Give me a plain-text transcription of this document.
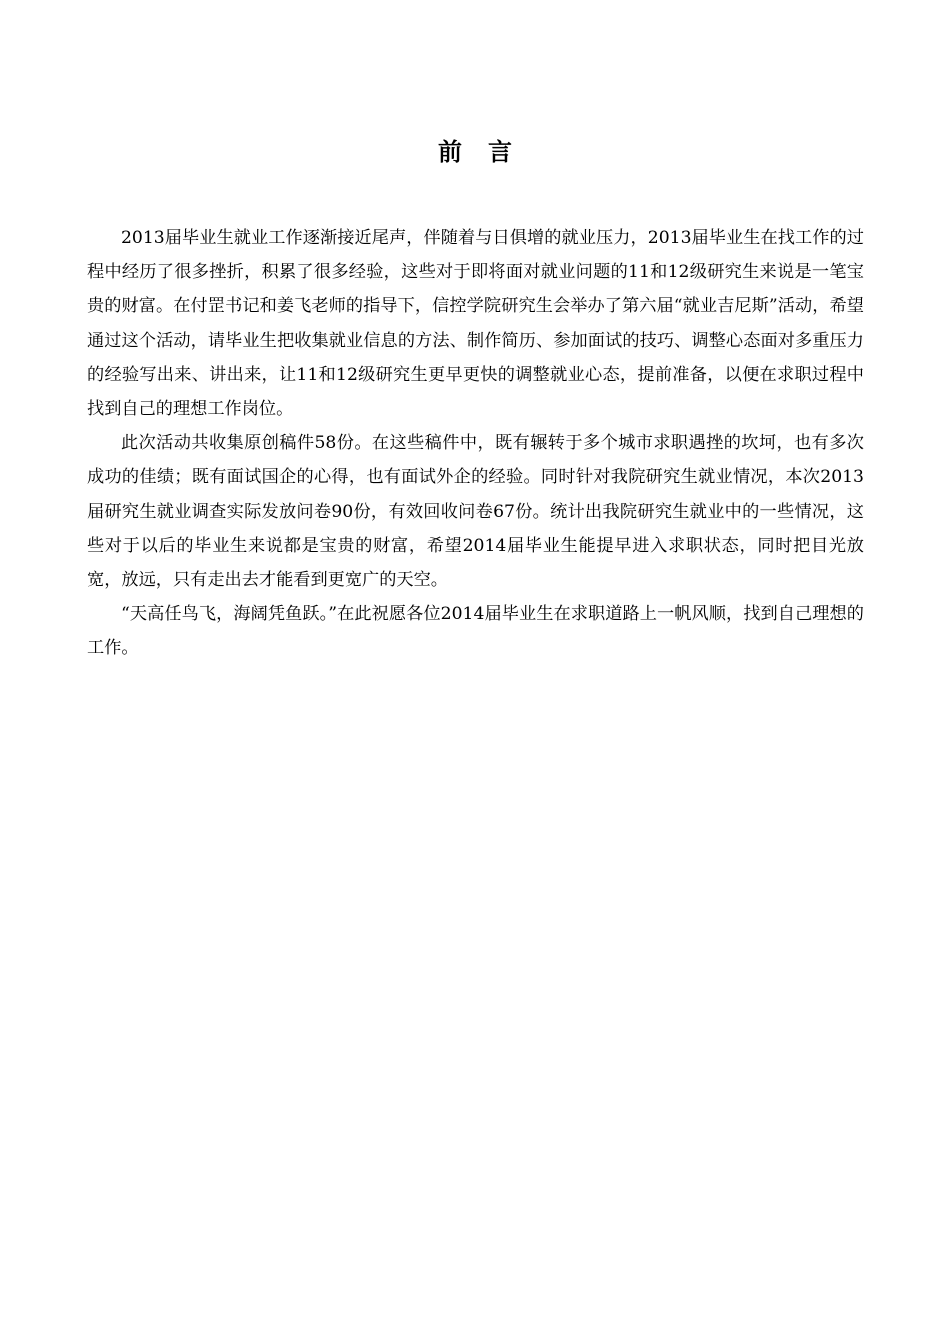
前言

2013届毕业生就业工作逐渐接近尾声，伴随着与日俱增的就业压力，2013届毕业生在找工作的过程中经历了很多挫折，积累了很多经验，这些对于即将面对就业问题的11和12级研究生来说是一笔宝贵的财富。在付罡书记和姜飞老师的指导下，信控学院研究生会举办了第六届“就业吉尼斯”活动，希望通过这个活动，请毕业生把收集就业信息的方法、制作简历、参加面试的技巧、调整心态面对多重压力的经验写出来、讲出来，让11和12级研究生更早更快的调整就业心态，提前准备，以便在求职过程中找到自己的理想工作岗位。

此次活动共收集原创稿件58份。在这些稿件中，既有辗转于多个城市求职遇挫的坎坷，也有多次成功的佳绩；既有面试国企的心得，也有面试外企的经验。同时针对我院研究生就业情况，本次2013届研究生就业调查实际发放问卷90份，有效回收问卷67份。统计出我院研究生就业中的一些情况，这些对于以后的毕业生来说都是宝贵的财富，希望2014届毕业生能提早进入求职状态，同时把目光放宽，放远，只有走出去才能看到更宽广的天空。

“天高任鸟飞，海阔凭鱼跃。”在此祝愿各位2014届毕业生在求职道路上一帆风顺，找到自己理想的工作。
